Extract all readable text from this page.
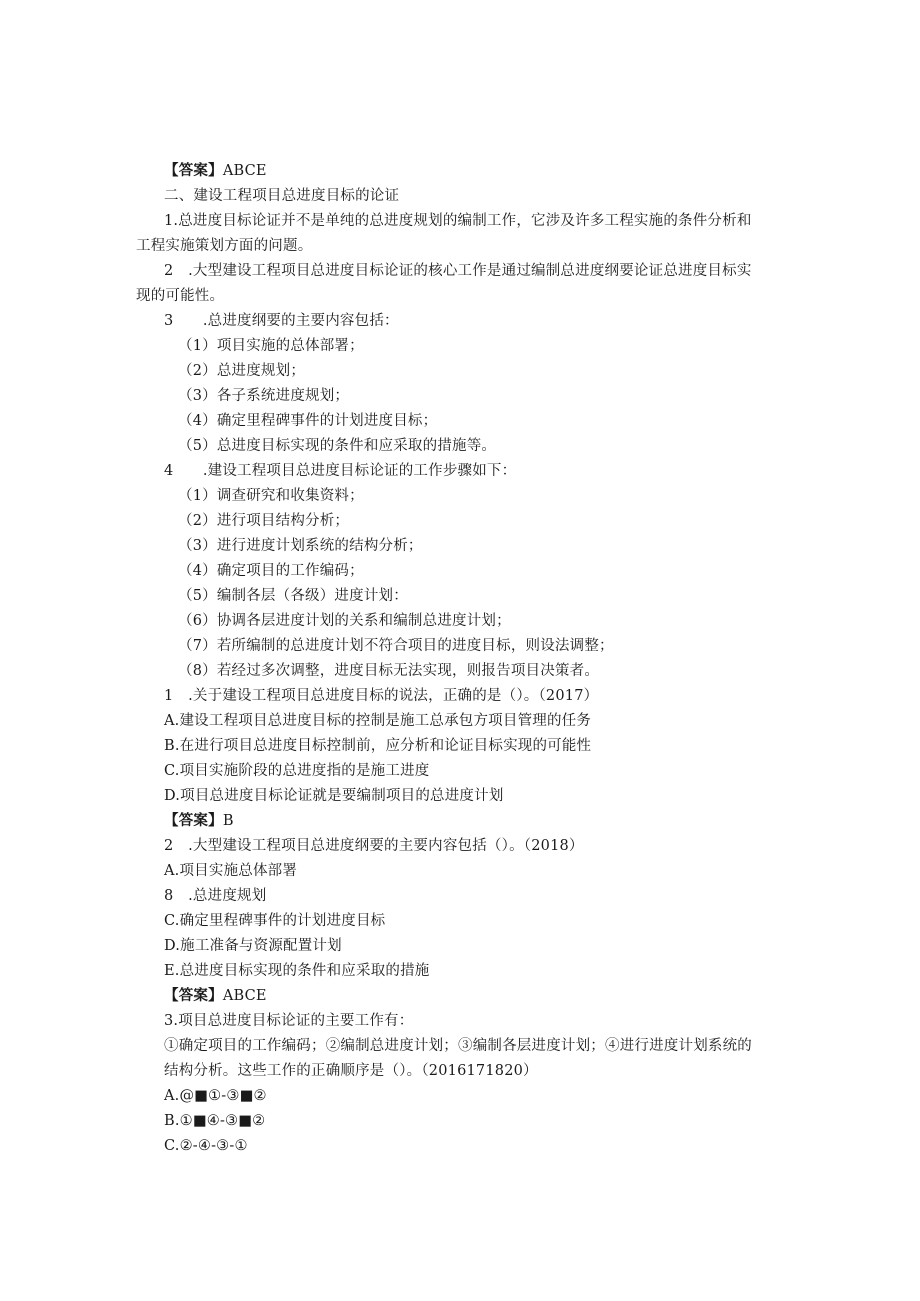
【答案】ABCE
二、建设工程项目总进度目标的论证
1.总进度目标论证并不是单纯的总进度规划的编制工作，它涉及许多工程实施的条件分析和
工程实施策划方面的问题。
2　.大型建设工程项目总进度目标论证的核心工作是通过编制总进度纲要论证总进度目标实
现的可能性。
3　　.总进度纲要的主要内容包括：
（1）项目实施的总体部署；
（2）总进度规划；
（3）各子系统进度规划；
（4）确定里程碑事件的计划进度目标；
（5）总进度目标实现的条件和应采取的措施等。
4　　.建设工程项目总进度目标论证的工作步骤如下：
（1）调查研究和收集资料；
（2）进行项目结构分析；
（3）进行进度计划系统的结构分析；
（4）确定项目的工作编码；
（5）编制各层（各级）进度计划：
（6）协调各层进度计划的关系和编制总进度计划；
（7）若所编制的总进度计划不符合项目的进度目标，则设法调整；
（8）若经过多次调整，进度目标无法实现，则报告项目决策者。
1　.关于建设工程项目总进度目标的说法，正确的是（）。（2017）
A.建设工程项目总进度目标的控制是施工总承包方项目管理的任务
B.在进行项目总进度目标控制前，应分析和论证目标实现的可能性
C.项目实施阶段的总进度指的是施工进度
D.项目总进度目标论证就是要编制项目的总进度计划
【答案】B
2　.大型建设工程项目总进度纲要的主要内容包括（）。（2018）
A.项目实施总体部署
8　.总进度规划
C.确定里程碑事件的计划进度目标
D.施工准备与资源配置计划
E.总进度目标实现的条件和应采取的措施
【答案】ABCE
3.项目总进度目标论证的主要工作有：
①确定项目的工作编码；②编制总进度计划；③编制各层进度计划；④进行进度计划系统的
结构分析。这些工作的正确顺序是（）。（2016171820）
A.@■①-③■②
B.①■④-③■②
C.②-④-③-①
